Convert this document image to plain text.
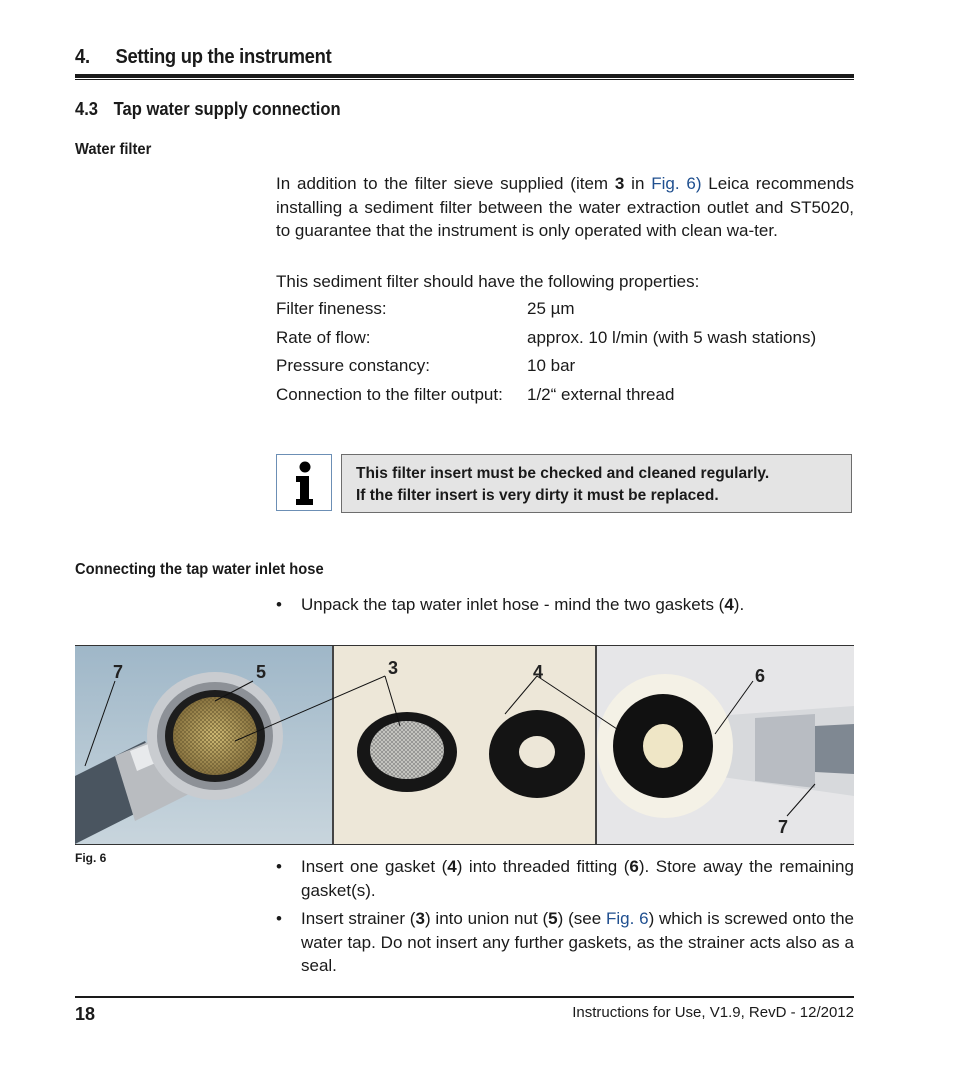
4. Setting up the instrument
4.3 Tap water supply connection
Water filter
In addition to the filter sieve supplied (item 3 in Fig. 6) Leica recommends installing a sediment filter between the water extraction outlet and ST5020, to guarantee that the instrument is only operated with clean wa-ter.
This sediment filter should have the following properties:
Filter fineness:	25 µm
Rate of flow:	approx. 10 l/min (with 5 wash stations)
Pressure constancy:	10 bar
Connection to the filter output:	1/2“ external thread
This filter insert must be checked and cleaned regularly.
If the filter insert is very dirty it must be replaced.
Connecting the tap water inlet hose
• Unpack the tap water inlet hose - mind the two gaskets (4).
7	5	3	4	6
7
Fig. 6	• Insert one gasket (4) into threaded fitting (6). Store away the remaining gasket(s).
• Insert strainer (3) into union nut (5) (see Fig. 6) which is screwed onto the water tap. Do not insert any further gaskets, as the strainer acts also as a seal.
18	Instructions for Use, V1.9, RevD - 12/2012
